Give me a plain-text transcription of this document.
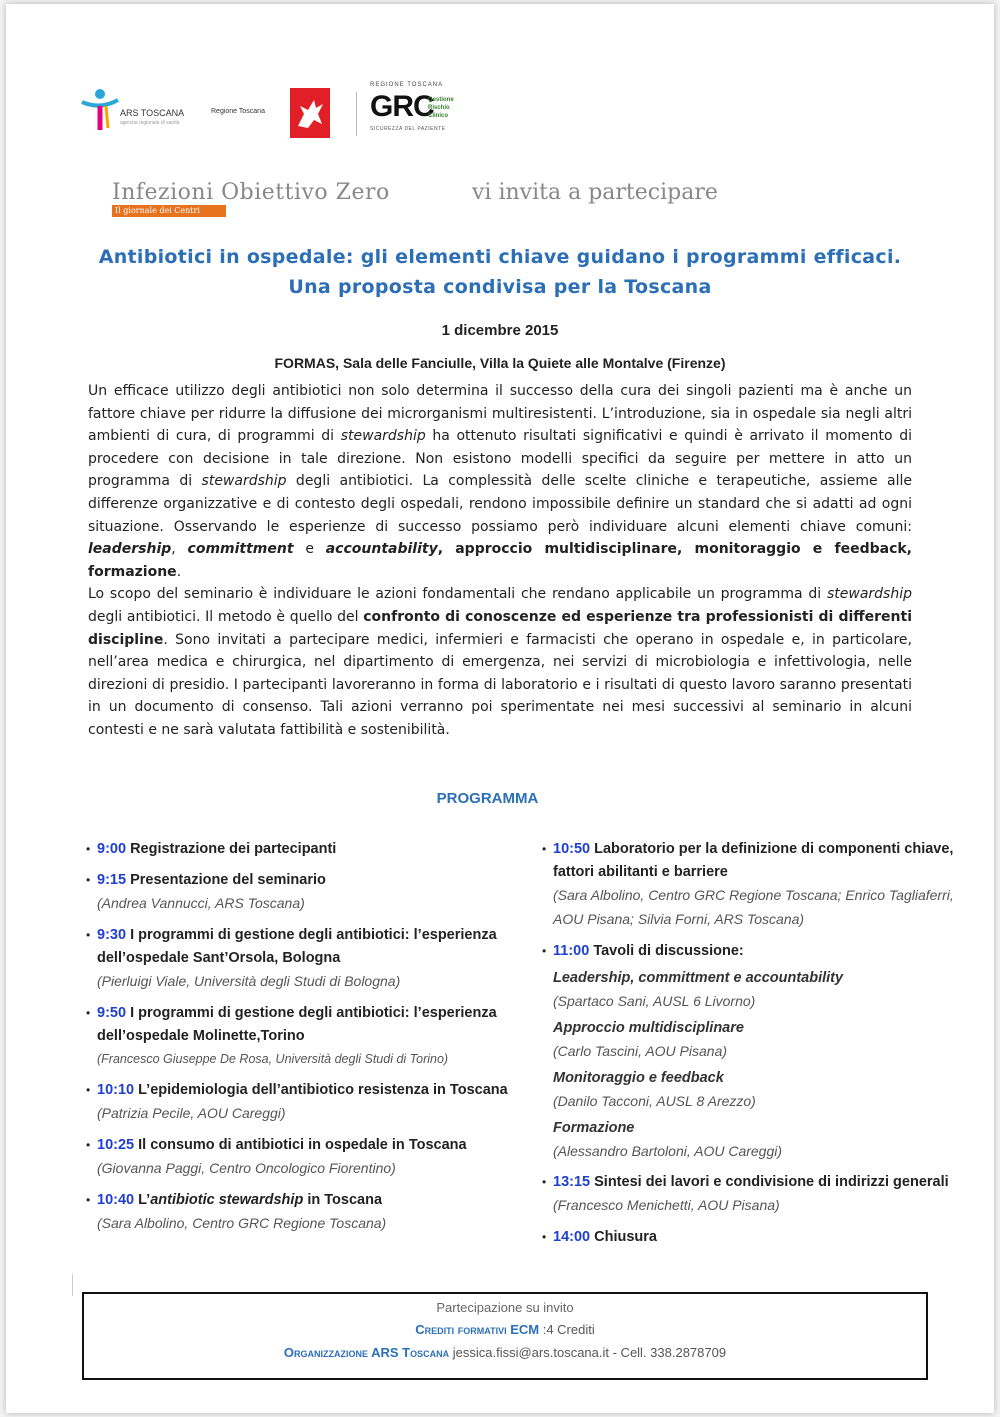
ARS TOSCANA
agenzia regionale di sanità
Regione Toscana
REGIONE TOSCANA
GRC
Gestione Rischio Clinico
SICUREZZA DEL PAZIENTE
Infezioni Obiettivo Zero
Il giornale dei Centri
vi invita a partecipare
Antibiotici in ospedale: gli elementi chiave guidano i programmi efficaci.
Una proposta condivisa per la Toscana
1 dicembre 2015
FORMAS, Sala delle Fanciulle, Villa la Quiete alle Montalve (Firenze)
Un efficace utilizzo degli antibiotici non solo determina il successo della cura dei singoli pazienti ma è anche un fattore chiave per ridurre la diffusione dei microrganismi multiresistenti. L’introduzione, sia in ospedale sia negli altri ambienti di cura, di programmi di stewardship ha ottenuto risultati significativi e quindi è arrivato il momento di procedere con decisione in tale direzione. Non esistono modelli specifici da seguire per mettere in atto un programma di stewardship degli antibiotici. La complessità delle scelte cliniche e terapeutiche, assieme alle differenze organizzative e di contesto degli ospedali, rendono impossibile definire un standard che si adatti ad ogni situazione. Osservando le esperienze di successo possiamo però individuare alcuni elementi chiave comuni: leadership, committment e accountability, approccio multidisciplinare, monitoraggio e feedback, formazione.
Lo scopo del seminario è individuare le azioni fondamentali che rendano applicabile un programma di stewardship degli antibiotici. Il metodo è quello del confronto di conoscenze ed esperienze tra professionisti di differenti discipline. Sono invitati a partecipare medici, infermieri e farmacisti che operano in ospedale e, in particolare, nell’area medica e chirurgica, nel dipartimento di emergenza, nei servizi di microbiologia e infettivologia, nelle direzioni di presidio. I partecipanti lavoreranno in forma di laboratorio e i risultati di questo lavoro saranno presentati in un documento di consenso. Tali azioni verranno poi sperimentate nei mesi successivi al seminario in alcuni contesti e ne sarà valutata fattibilità e sostenibilità.
PROGRAMMA
• 9:00 Registrazione dei partecipanti
• 9:15 Presentazione del seminario
(Andrea Vannucci, ARS Toscana)
• 9:30 I programmi di gestione degli antibiotici: l’esperienza dell’ospedale Sant’Orsola, Bologna
(Pierluigi Viale, Università degli Studi di Bologna)
• 9:50 I programmi di gestione degli antibiotici: l’esperienza dell’ospedale Molinette,Torino
(Francesco Giuseppe De Rosa, Università degli Studi di Torino)
• 10:10 L’epidemiologia dell’antibiotico resistenza in Toscana (Patrizia Pecile, AOU Careggi)
• 10:25 Il consumo di antibiotici in ospedale in Toscana
(Giovanna Paggi, Centro Oncologico Fiorentino)
• 10:40 L’antibiotic stewardship in Toscana
(Sara Albolino, Centro GRC Regione Toscana)
• 10:50 Laboratorio per la definizione di componenti chiave, fattori abilitanti e barriere
(Sara Albolino, Centro GRC Regione Toscana; Enrico Tagliaferri, AOU Pisana; Silvia Forni, ARS Toscana)
• 11:00 Tavoli di discussione:
Leadership, committment e accountability
(Spartaco Sani, AUSL 6 Livorno)
Approccio multidisciplinare
(Carlo Tascini, AOU Pisana)
Monitoraggio e feedback
(Danilo Tacconi, AUSL 8 Arezzo)
Formazione
(Alessandro Bartoloni, AOU Careggi)
• 13:15 Sintesi dei lavori e condivisione di indirizzi generali (Francesco Menichetti, AOU Pisana)
• 14:00 Chiusura
Partecipazione su invito
Crediti formativi ECM :4 Crediti
Organizzazione ARS Toscana jessica.fissi@ars.toscana.it - Cell. 338.2878709
